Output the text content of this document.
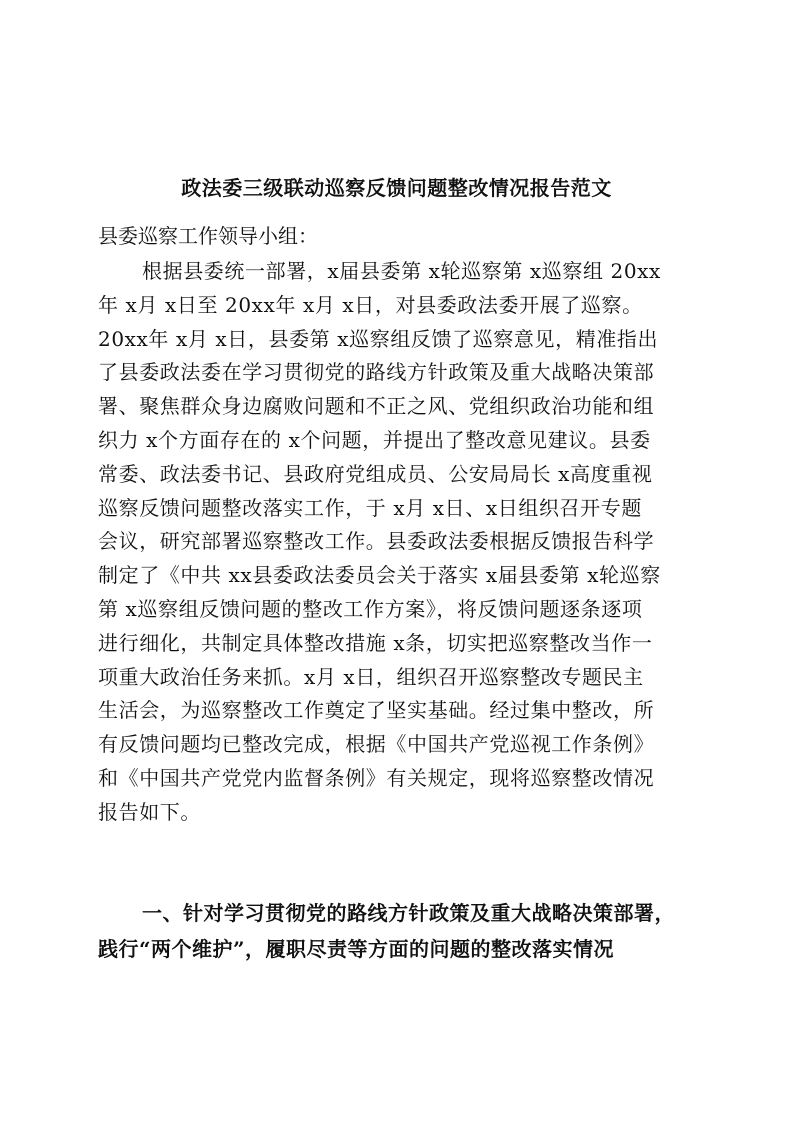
政法委三级联动巡察反馈问题整改情况报告范文
县委巡察工作领导小组：
根据县委统一部署，x届县委第 x轮巡察第 x巡察组 20xx
年 x月 x日至 20xx年 x月 x日，对县委政法委开展了巡察。
20xx年 x月 x日，县委第 x巡察组反馈了巡察意见，精准指出
了县委政法委在学习贯彻党的路线方针政策及重大战略决策部
署、聚焦群众身边腐败问题和不正之风、党组织政治功能和组
织力 x个方面存在的 x个问题，并提出了整改意见建议。县委
常委、政法委书记、县政府党组成员、公安局局长 x高度重视
巡察反馈问题整改落实工作，于 x月 x日、x日组织召开专题
会议，研究部署巡察整改工作。县委政法委根据反馈报告科学
制定了《中共 xx县委政法委员会关于落实 x届县委第 x轮巡察
第 x巡察组反馈问题的整改工作方案》，将反馈问题逐条逐项
进行细化，共制定具体整改措施 x条，切实把巡察整改当作一
项重大政治任务来抓。x月 x日，组织召开巡察整改专题民主
生活会，为巡察整改工作奠定了坚实基础。经过集中整改，所
有反馈问题均已整改完成，根据《中国共产党巡视工作条例》
和《中国共产党党内监督条例》有关规定，现将巡察整改情况
报告如下。
一、针对学习贯彻党的路线方针政策及重大战略决策部署，
践行“两个维护”，履职尽责等方面的问题的整改落实情况
